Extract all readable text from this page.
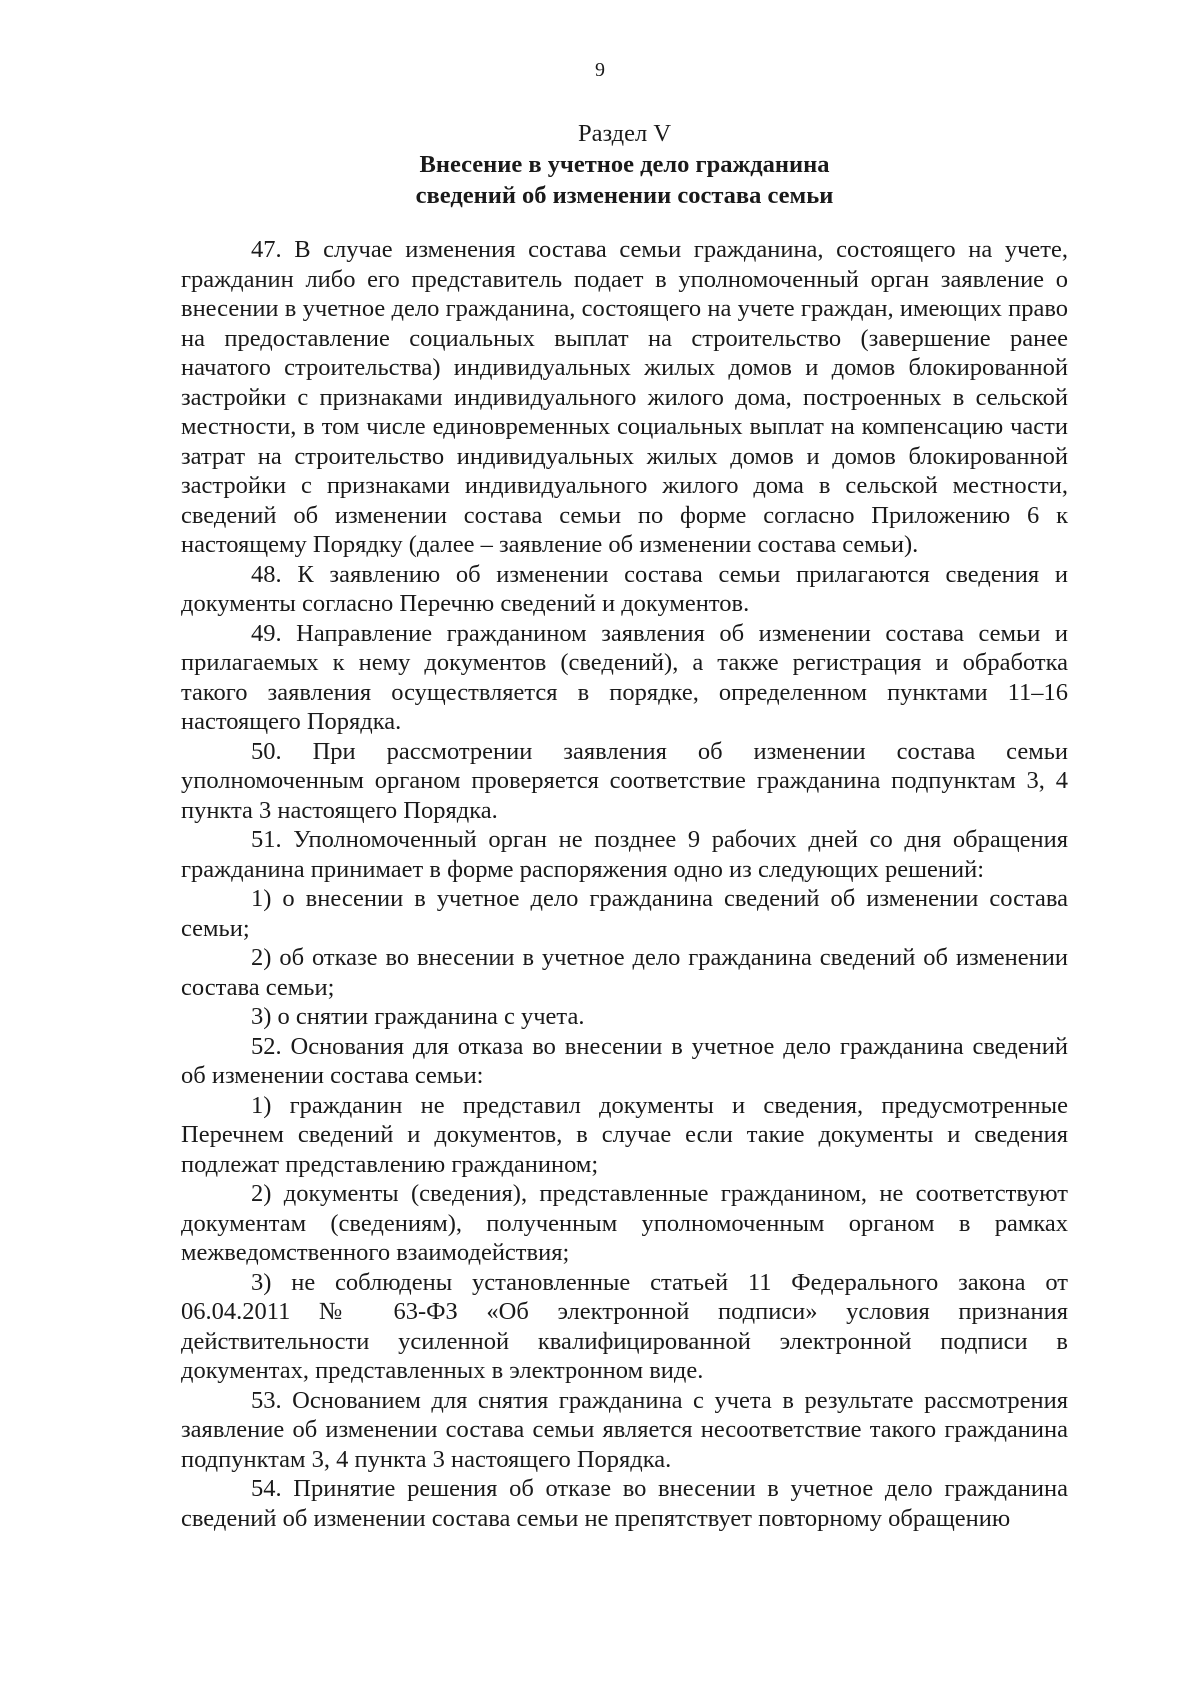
9
Раздел V
Внесение в учетное дело гражданина
сведений об изменении состава семьи

47. В случае изменения состава семьи гражданина, состоящего на учете, гражданин либо его представитель подает в уполномоченный орган заявление о внесении в учетное дело гражданина, состоящего на учете граждан, имеющих право на предоставление социальных выплат на строительство (завершение ранее начатого строительства) индивидуальных жилых домов и домов блокированной застройки с признаками индивидуального жилого дома, построенных в сельской местности, в том числе единовременных социальных выплат на компенсацию части затрат на строительство индивидуальных жилых домов и домов блокированной застройки с признаками индивидуального жилого дома в сельской местности, сведений об изменении состава семьи по форме согласно Приложению 6 к настоящему Порядку (далее – заявление об изменении состава семьи).

48. К заявлению об изменении состава семьи прилагаются сведения и документы согласно Перечню сведений и документов.

49. Направление гражданином заявления об изменении состава семьи и прилагаемых к нему документов (сведений), а также регистрация и обработка такого заявления осуществляется в порядке, определенном пунктами 11–16 настоящего Порядка.

50. При рассмотрении заявления об изменении состава семьи уполномоченным органом проверяется соответствие гражданина подпунктам 3, 4 пункта 3 настоящего Порядка.

51. Уполномоченный орган не позднее 9 рабочих дней со дня обращения гражданина принимает в форме распоряжения одно из следующих решений:

1) о внесении в учетное дело гражданина сведений об изменении состава семьи;

2) об отказе во внесении в учетное дело гражданина сведений об изменении состава семьи;

3) о снятии гражданина с учета.

52. Основания для отказа во внесении в учетное дело гражданина сведений об изменении состава семьи:

1) гражданин не представил документы и сведения, предусмотренные Перечнем сведений и документов, в случае если такие документы и сведения подлежат представлению гражданином;

2) документы (сведения), представленные гражданином, не соответствуют документам (сведениям), полученным уполномоченным органом в рамках межведомственного взаимодействия;

3) не соблюдены установленные статьей 11 Федерального закона от 06.04.2011 № 63-ФЗ «Об электронной подписи» условия признания действительности усиленной квалифицированной электронной подписи в документах, представленных в электронном виде.

53. Основанием для снятия гражданина с учета в результате рассмотрения заявление об изменении состава семьи является несоответствие такого гражданина подпунктам 3, 4 пункта 3 настоящего Порядка.

54. Принятие решения об отказе во внесении в учетное дело гражданина сведений об изменении состава семьи не препятствует повторному обращению
